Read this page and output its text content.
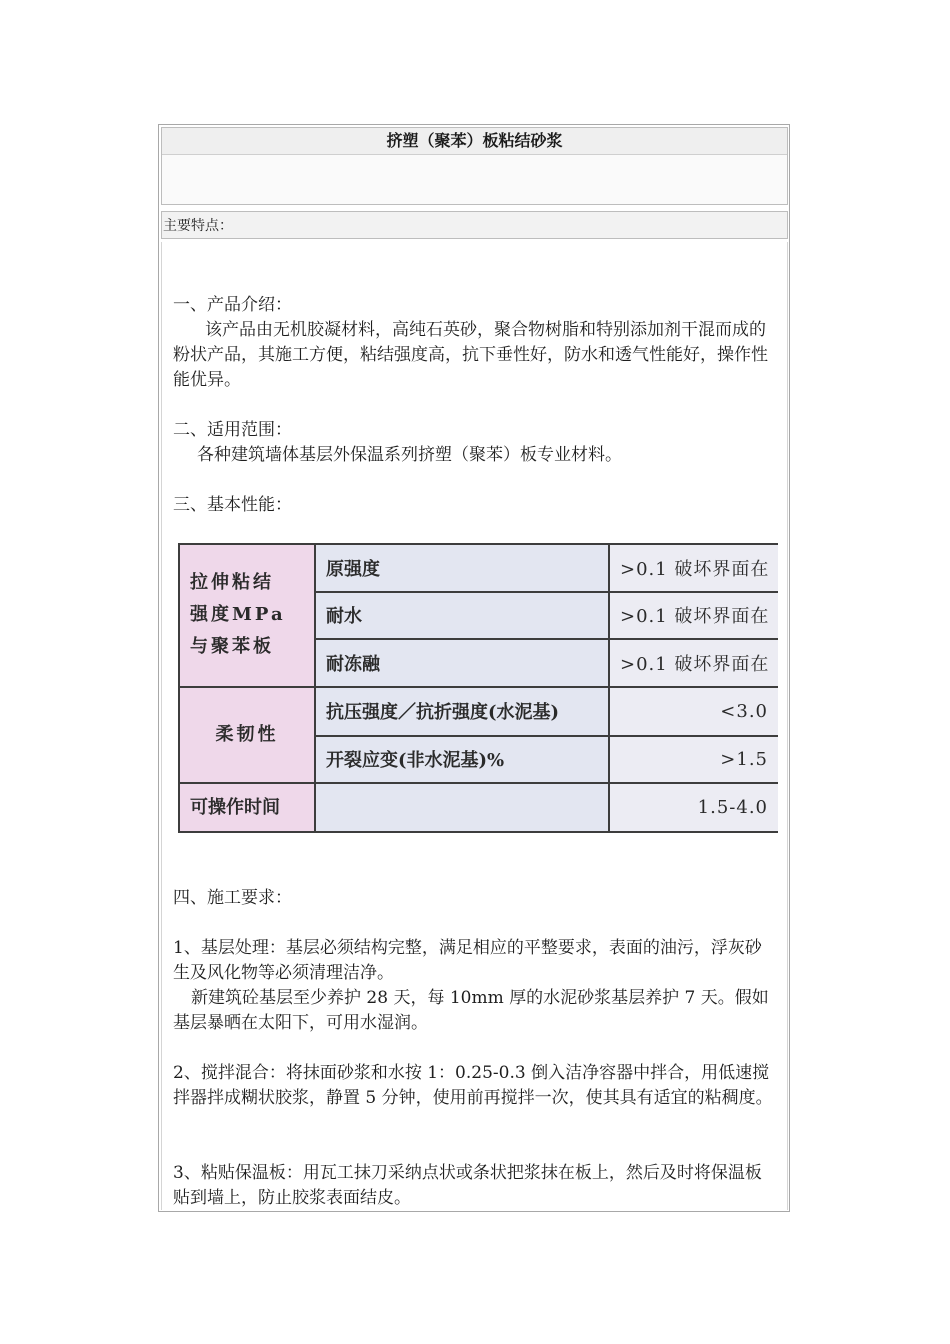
挤塑（聚苯）板粘结砂浆
主要特点：
一、产品介绍：
该产品由无机胶凝材料，高纯石英砂，聚合物树脂和特别添加剂干混而成的粉状产品，其施工方便，粘结强度高，抗下垂性好，防水和透气性能好，操作性能优异。
二、适用范围：
各种建筑墙体基层外保温系列挤塑（聚苯）板专业材料。
三、基本性能：
拉伸粘结
强度MPa
与聚苯板	原强度	>0.1 破坏界面在
	耐水	>0.1 破坏界面在
	耐冻融	>0.1 破坏界面在
柔韧性	抗压强度／抗折强度(水泥基)	<3.0
	开裂应变(非水泥基)%	>1.5
可操作时间		1.5-4.0
四、施工要求：
1、基层处理：基层必须结构完整，满足相应的平整要求，表面的油污，浮灰砂生及风化物等必须清理洁净。
新建筑砼基层至少养护 28 天，每 10mm 厚的水泥砂浆基层养护 7 天。假如基层暴晒在太阳下，可用水湿润。
2、搅拌混合：将抹面砂浆和水按 1：0.25-0.3 倒入洁净容器中拌合，用低速搅拌器拌成糊状胶浆，静置 5 分钟，使用前再搅拌一次，使其具有适宜的粘稠度。
3、粘贴保温板：用瓦工抹刀采纳点状或条状把浆抹在板上，然后及时将保温板贴到墙上，防止胶浆表面结皮。
